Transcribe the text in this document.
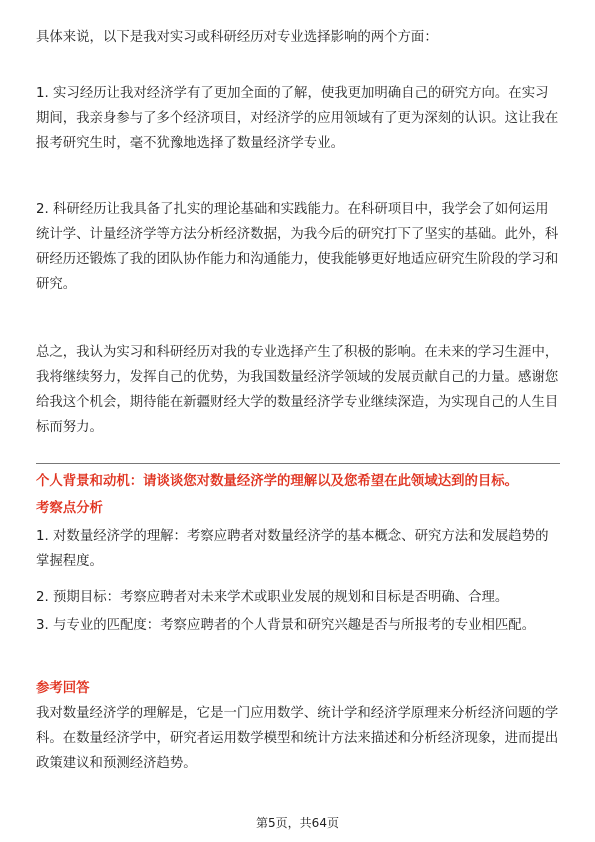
具体来说，以下是我对实习或科研经历对专业选择影响的两个方面：

1. 实习经历让我对经济学有了更加全面的了解，使我更加明确自己的研究方向。在实习期间，我亲身参与了多个经济项目，对经济学的应用领域有了更为深刻的认识。这让我在报考研究生时，毫不犹豫地选择了数量经济学专业。

2. 科研经历让我具备了扎实的理论基础和实践能力。在科研项目中，我学会了如何运用统计学、计量经济学等方法分析经济数据，为我今后的研究打下了坚实的基础。此外，科研经历还锻炼了我的团队协作能力和沟通能力，使我能够更好地适应研究生阶段的学习和研究。

总之，我认为实习和科研经历对我的专业选择产生了积极的影响。在未来的学习生涯中，我将继续努力，发挥自己的优势，为我国数量经济学领域的发展贡献自己的力量。感谢您给我这个机会，期待能在新疆财经大学的数量经济学专业继续深造，为实现自己的人生目标而努力。

个人背景和动机：请谈谈您对数量经济学的理解以及您希望在此领域达到的目标。

考察点分析

1. 对数量经济学的理解：考察应聘者对数量经济学的基本概念、研究方法和发展趋势的掌握程度。

2. 预期目标：考察应聘者对未来学术或职业发展的规划和目标是否明确、合理。

3. 与专业的匹配度：考察应聘者的个人背景和研究兴趣是否与所报考的专业相匹配。

参考回答

我对数量经济学的理解是，它是一门应用数学、统计学和经济学原理来分析经济问题的学科。在数量经济学中，研究者运用数学模型和统计方法来描述和分析经济现象，进而提出政策建议和预测经济趋势。

第5页，共64页
